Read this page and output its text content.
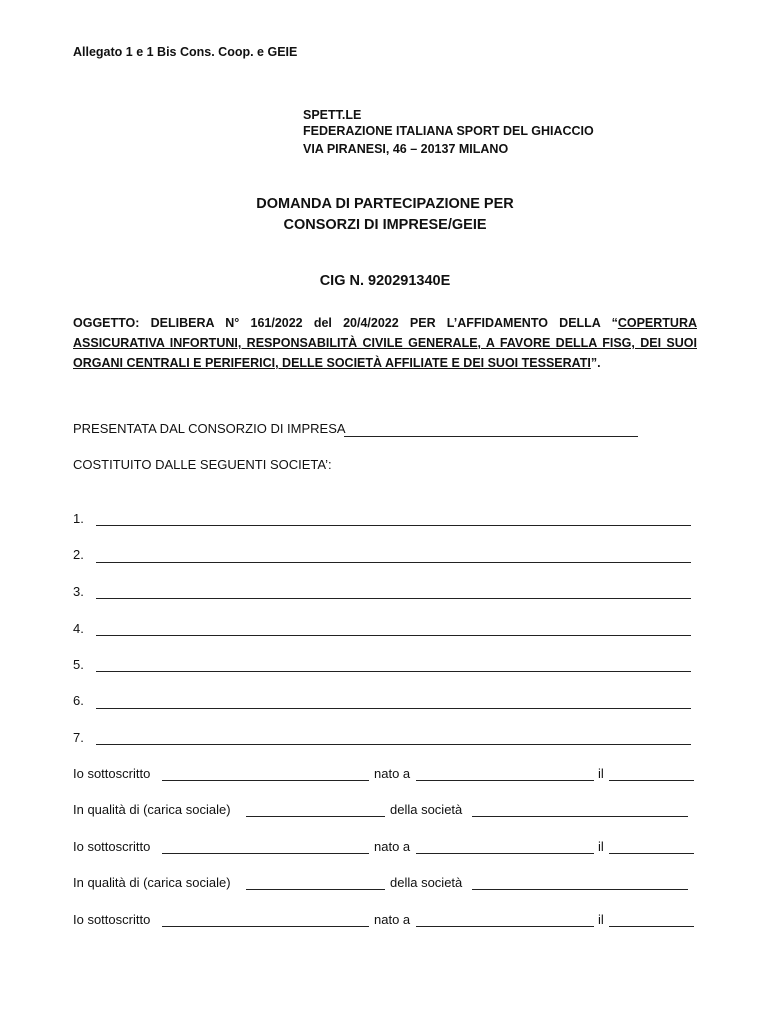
Allegato 1 e 1 Bis Cons. Coop. e GEIE
SPETT.LE
FEDERAZIONE ITALIANA SPORT DEL GHIACCIO
VIA PIRANESI, 46 – 20137 MILANO
DOMANDA DI PARTECIPAZIONE PER
CONSORZI DI IMPRESE/GEIE
CIG N. 920291340E
OGGETTO: DELIBERA N° 161/2022 del 20/4/2022 PER L’AFFIDAMENTO DELLA “COPERTURA ASSICURATIVA INFORTUNI, RESPONSABILITÀ CIVILE GENERALE, A FAVORE DELLA FISG, DEI SUOI ORGANI CENTRALI E PERIFERICI, DELLE SOCIETÀ AFFILIATE E DEI SUOI TESSERATI”.
PRESENTATA DAL CONSORZIO DI IMPRESA
COSTITUITO DALLE SEGUENTI SOCIETA’:
1.
2.
3.
4.
5.
6.
7.
Io sottoscritto	nato a	il
In qualità di (carica sociale)	della società
Io sottoscritto	nato a	il
In qualità di (carica sociale)	della società
Io sottoscritto	nato a	il
